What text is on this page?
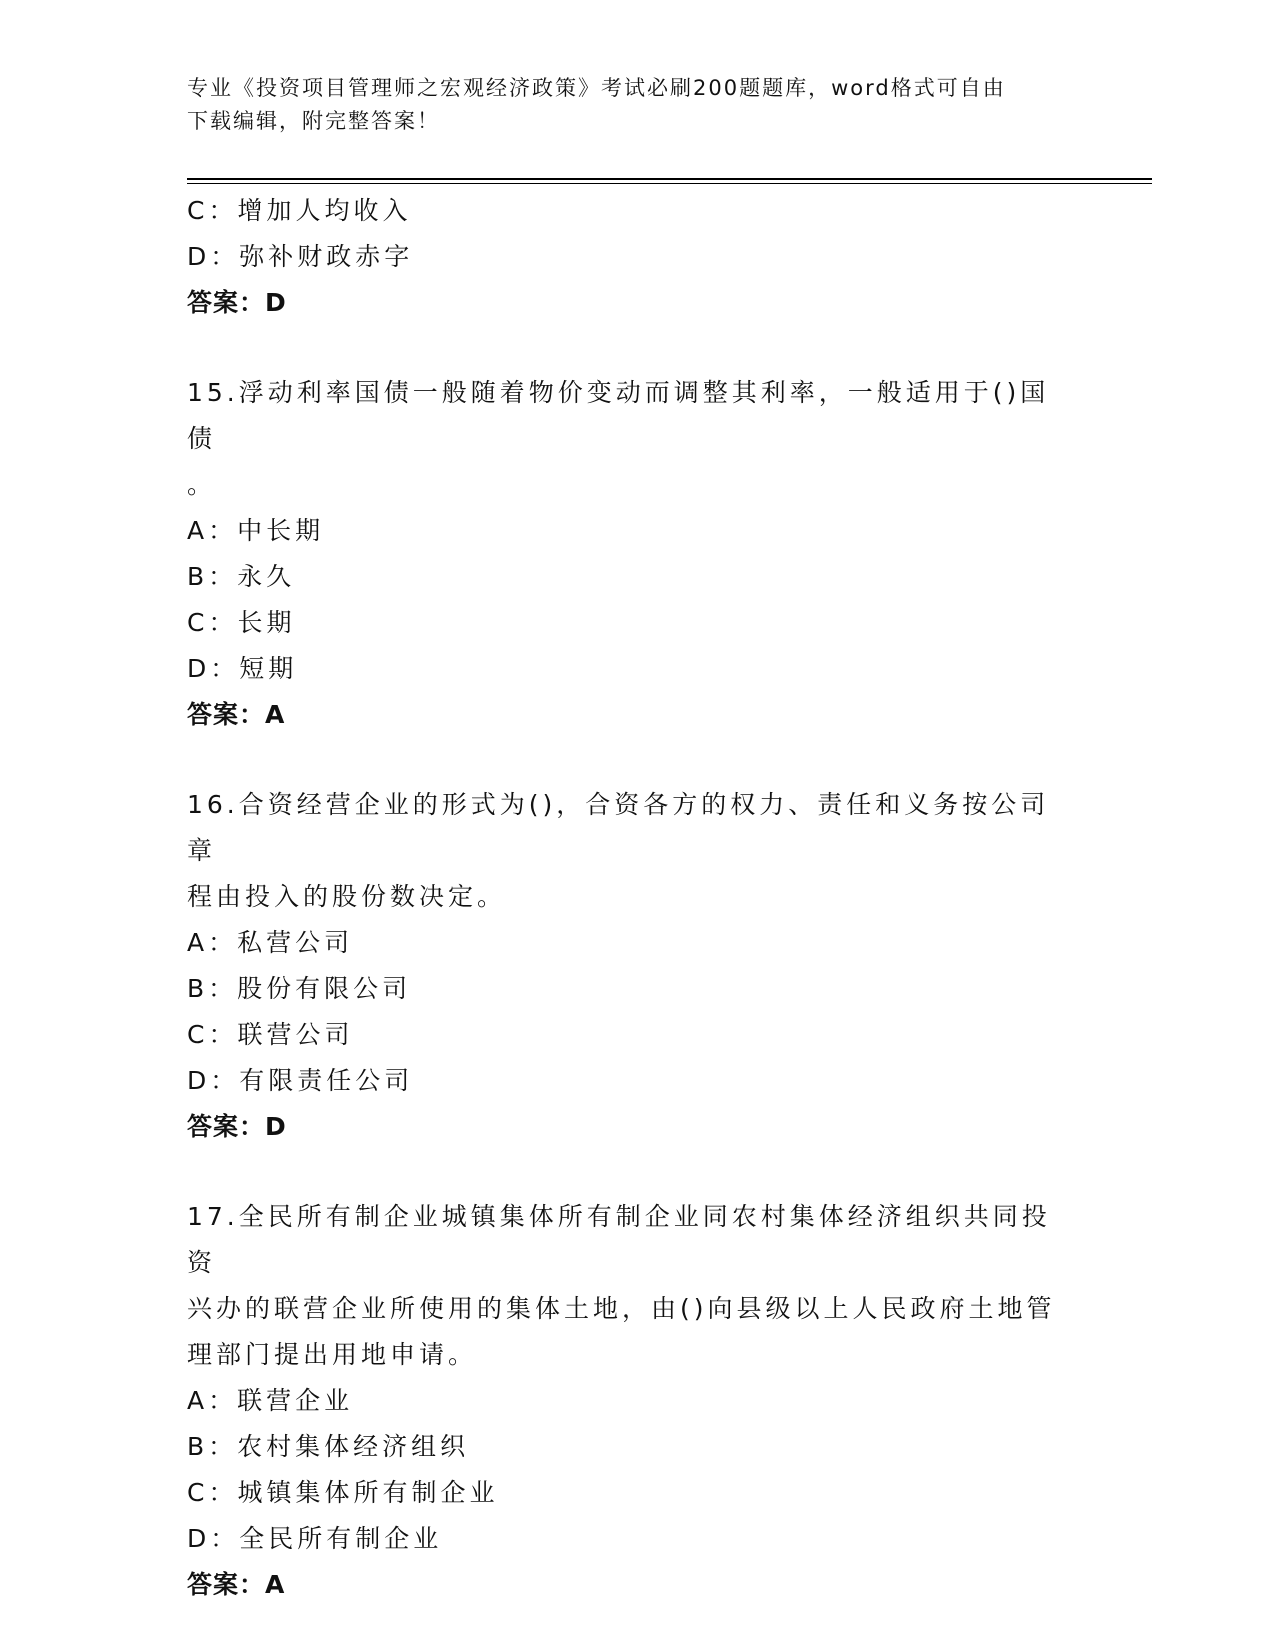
专业《投资项目管理师之宏观经济政策》考试必刷200题题库，word格式可自由
下载编辑，附完整答案！
C：增加人均收入
D：弥补财政赤字
答案：D
15.浮动利率国债一般随着物价变动而调整其利率，一般适用于()国债
。
A：中长期
B：永久
C：长期
D：短期
答案：A
16.合资经营企业的形式为()，合资各方的权力、责任和义务按公司章
程由投入的股份数决定。
A：私营公司
B：股份有限公司
C：联营公司
D：有限责任公司
答案：D
17.全民所有制企业城镇集体所有制企业同农村集体经济组织共同投资
兴办的联营企业所使用的集体土地，由()向县级以上人民政府土地管
理部门提出用地申请。
A：联营企业
B：农村集体经济组织
C：城镇集体所有制企业
D：全民所有制企业
答案：A
